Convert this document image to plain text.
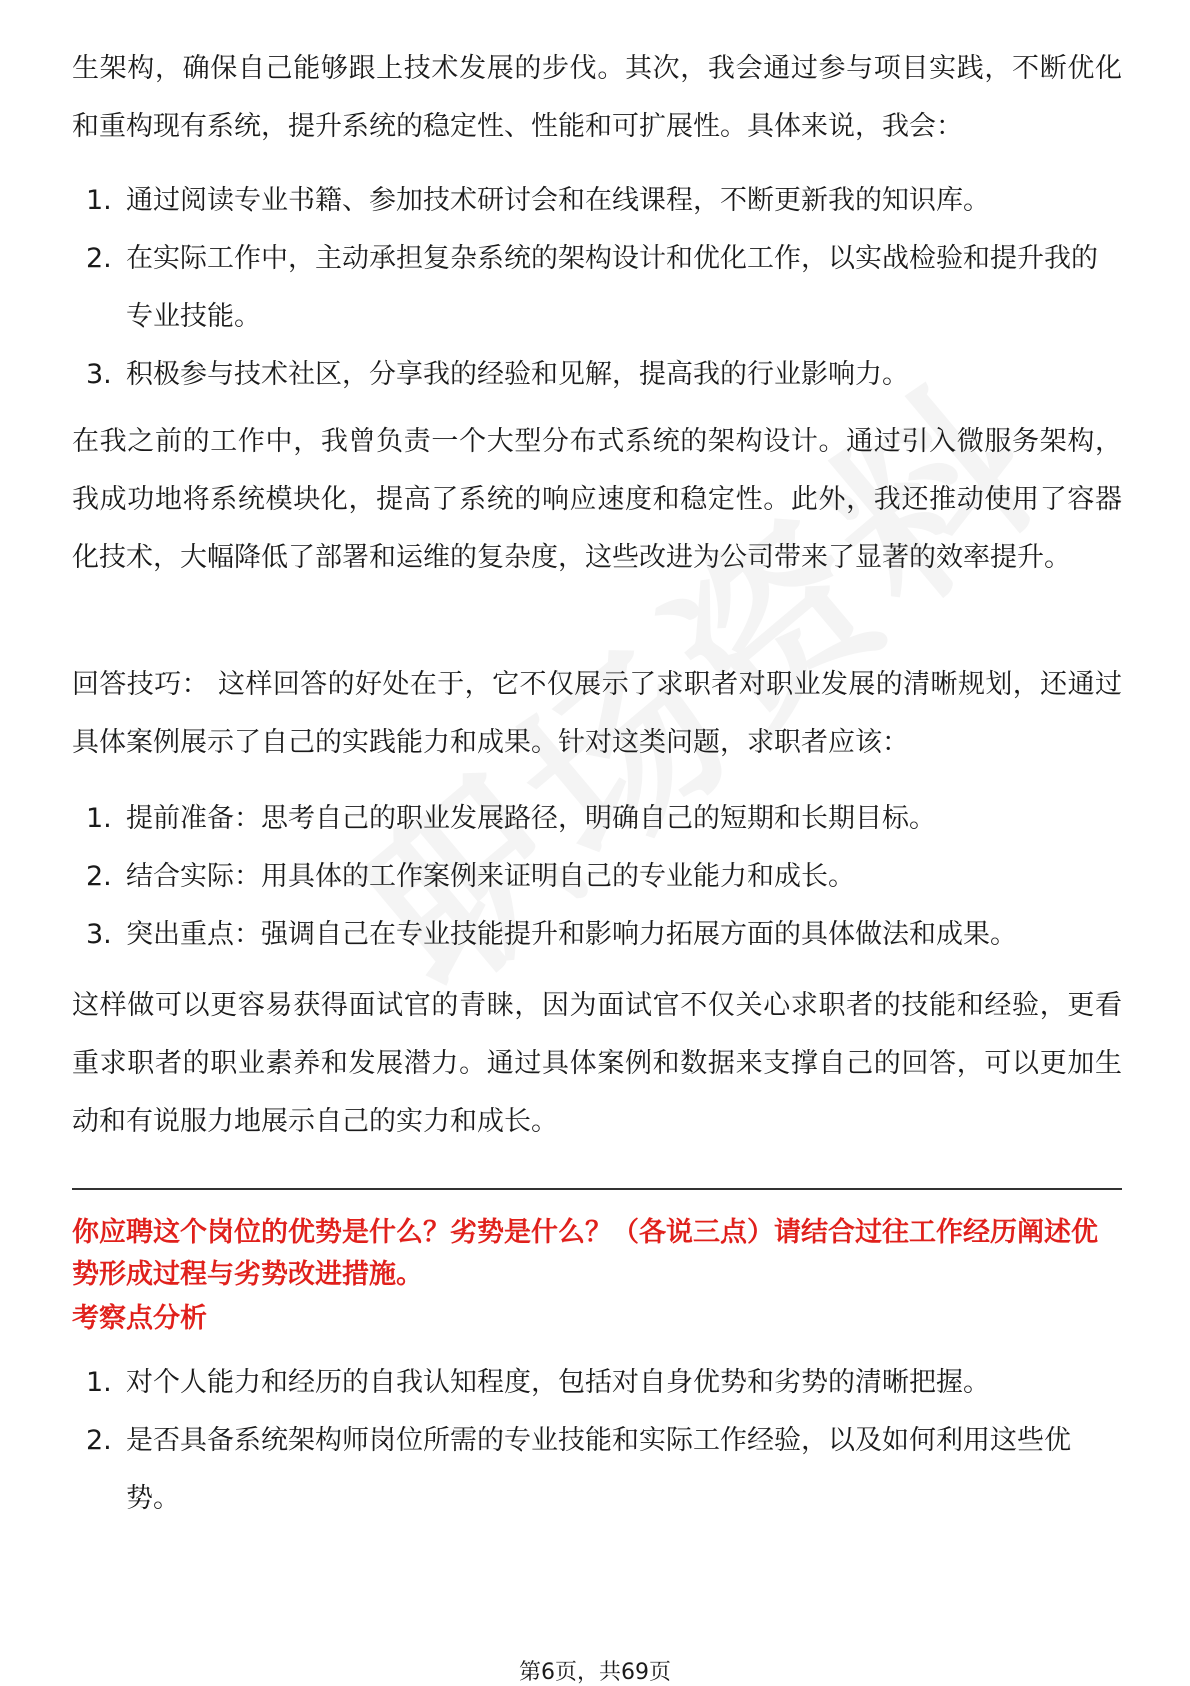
生架构，确保自己能够跟上技术发展的步伐。其次，我会通过参与项目实践，不断优化和重构现有系统，提升系统的稳定性、性能和可扩展性。具体来说，我会：

1. 通过阅读专业书籍、参加技术研讨会和在线课程，不断更新我的知识库。
2. 在实际工作中，主动承担复杂系统的架构设计和优化工作，以实战检验和提升我的专业技能。
3. 积极参与技术社区，分享我的经验和见解，提高我的行业影响力。

在我之前的工作中，我曾负责一个大型分布式系统的架构设计。通过引入微服务架构，我成功地将系统模块化，提高了系统的响应速度和稳定性。此外，我还推动使用了容器化技术，大幅降低了部署和运维的复杂度，这些改进为公司带来了显著的效率提升。

回答技巧： 这样回答的好处在于，它不仅展示了求职者对职业发展的清晰规划，还通过具体案例展示了自己的实践能力和成果。针对这类问题，求职者应该：

1. 提前准备：思考自己的职业发展路径，明确自己的短期和长期目标。
2. 结合实际：用具体的工作案例来证明自己的专业能力和成长。
3. 突出重点：强调自己在专业技能提升和影响力拓展方面的具体做法和成果。

这样做可以更容易获得面试官的青睐，因为面试官不仅关心求职者的技能和经验，更看重求职者的职业素养和发展潜力。通过具体案例和数据来支撑自己的回答，可以更加生动和有说服力地展示自己的实力和成长。

你应聘这个岗位的优势是什么？劣势是什么？（各说三点）请结合过往工作经历阐述优势形成过程与劣势改进措施。

考察点分析

1. 对个人能力和经历的自我认知程度，包括对自身优势和劣势的清晰把握。
2. 是否具备系统架构师岗位所需的专业技能和实际工作经验，以及如何利用这些优势。
第6页，共69页
